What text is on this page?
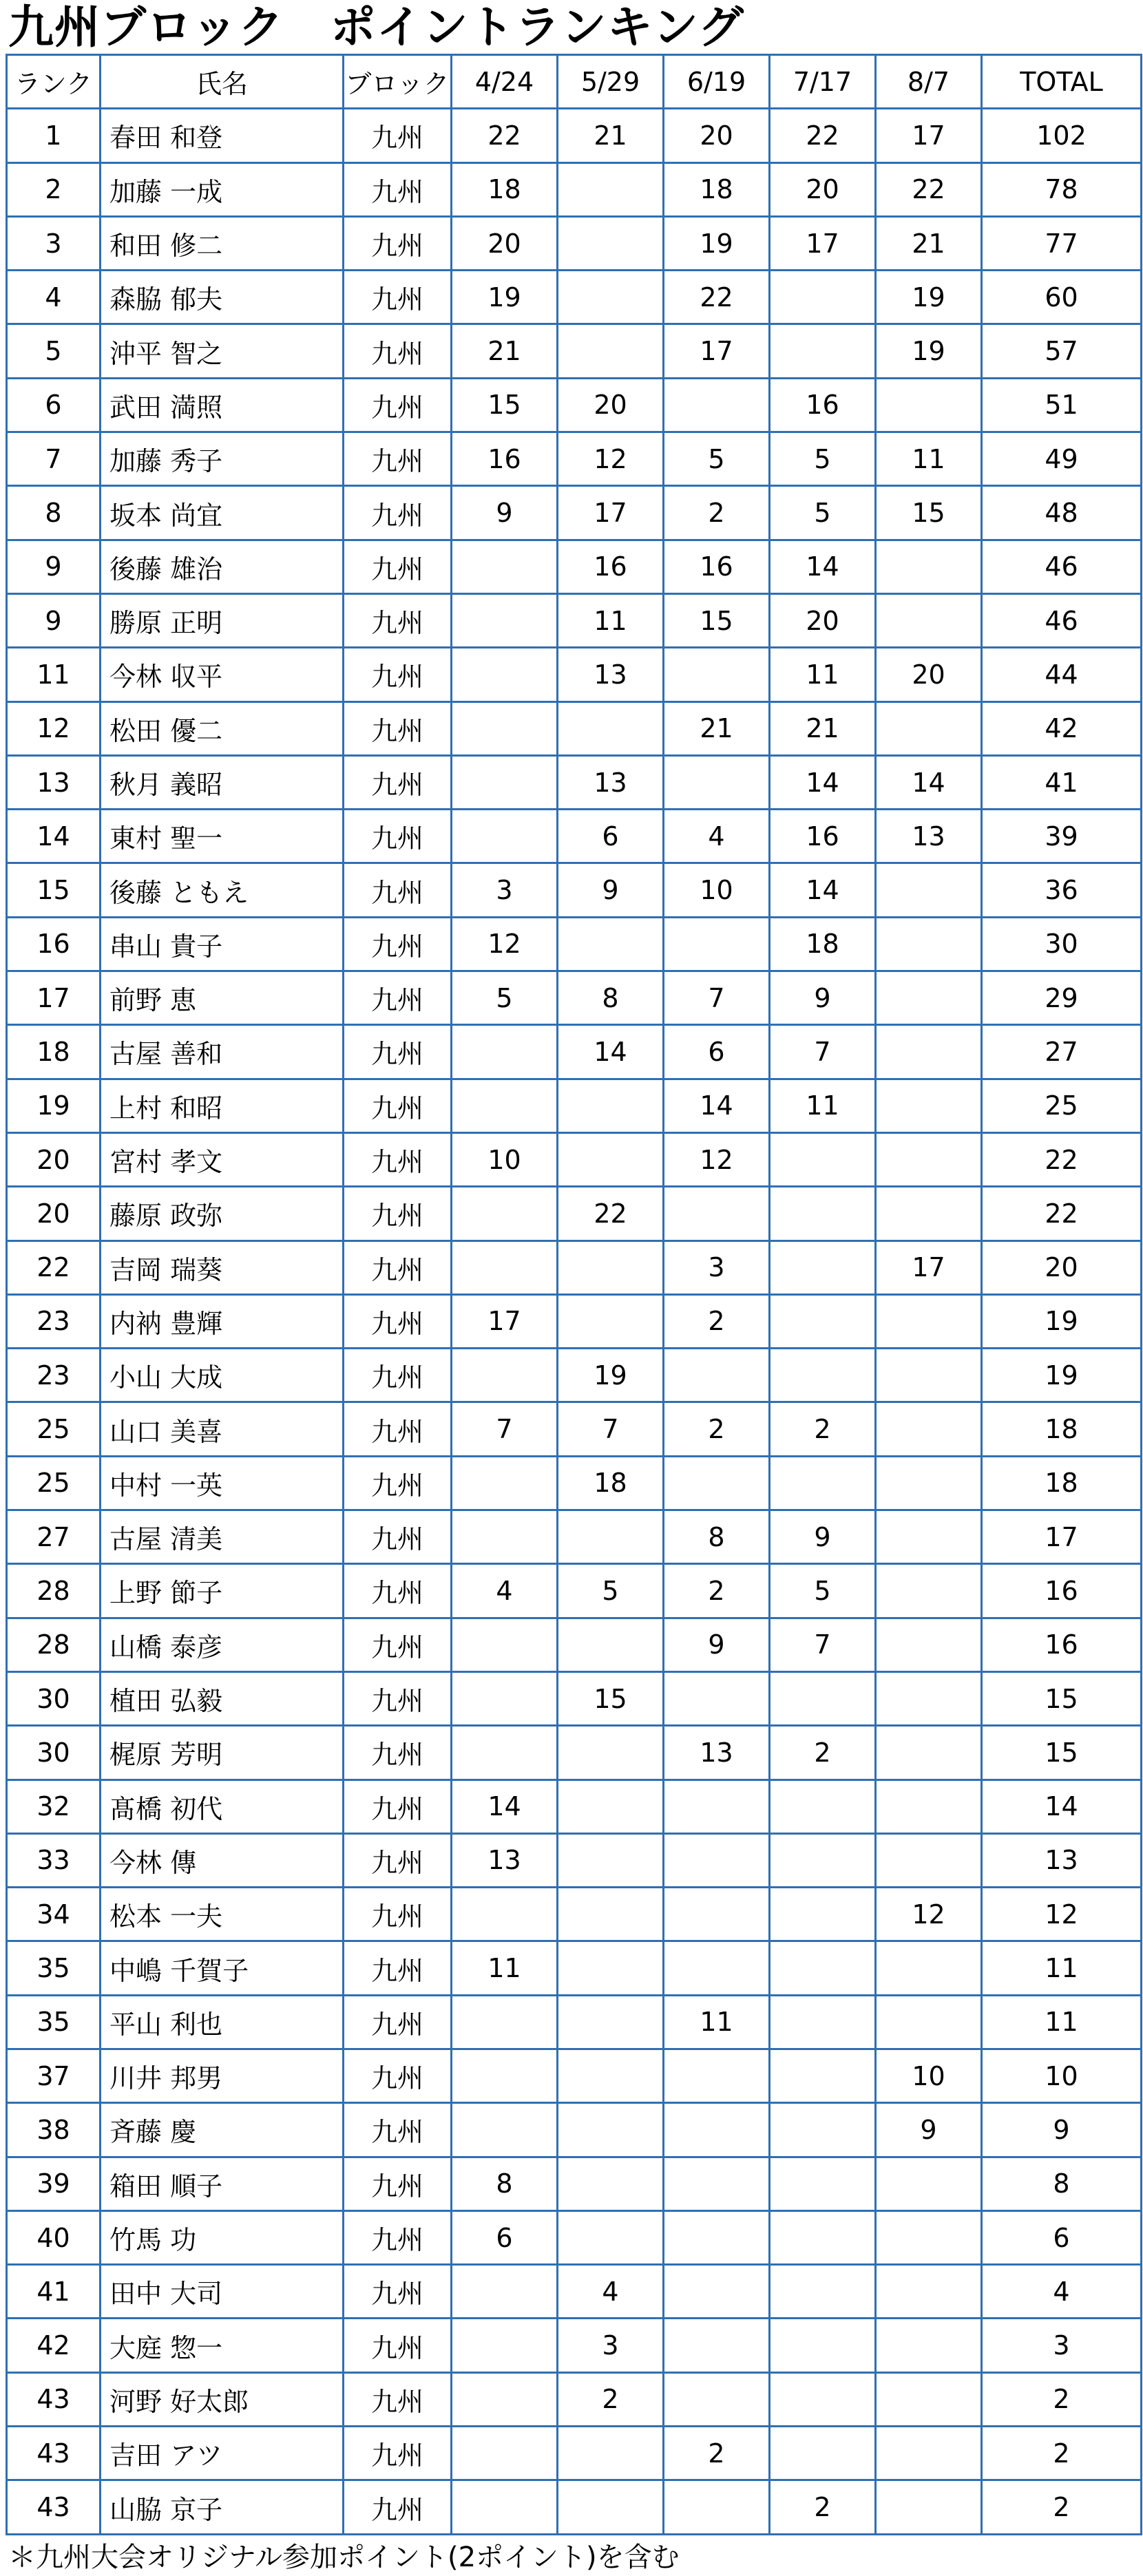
九州ブロック　ポイントランキング
ランク	氏名	ブロック	4/24	5/29	6/19	7/17	8/7	TOTAL
1	春田 和登	九州	22	21	20	22	17	102
2	加藤 一成	九州	18		18	20	22	78
3	和田 修二	九州	20		19	17	21	77
4	森脇 郁夫	九州	19		22		19	60
5	沖平 智之	九州	21		17		19	57
6	武田 満照	九州	15	20		16		51
7	加藤 秀子	九州	16	12	5	5	11	49
8	坂本 尚宜	九州	9	17	2	5	15	48
9	後藤 雄治	九州		16	16	14		46
9	勝原 正明	九州		11	15	20		46
11	今林 収平	九州		13		11	20	44
12	松田 優二	九州			21	21		42
13	秋月 義昭	九州		13		14	14	41
14	東村 聖一	九州		6	4	16	13	39
15	後藤 ともえ	九州	3	9	10	14		36
16	串山 貴子	九州	12			18		30
17	前野 恵	九州	5	8	7	9		29
18	古屋 善和	九州		14	6	7		27
19	上村 和昭	九州			14	11		25
20	宮村 孝文	九州	10		12			22
20	藤原 政弥	九州		22				22
22	吉岡 瑞葵	九州			3		17	20
23	内衲 豊輝	九州	17		2			19
23	小山 大成	九州		19				19
25	山口 美喜	九州	7	7	2	2		18
25	中村 一英	九州		18				18
27	古屋 清美	九州			8	9		17
28	上野 節子	九州	4	5	2	5		16
28	山橋 泰彦	九州			9	7		16
30	植田 弘毅	九州		15				15
30	梶原 芳明	九州			13	2		15
32	髙橋 初代	九州	14					14
33	今林 傳	九州	13					13
34	松本 一夫	九州					12	12
35	中嶋 千賀子	九州	11					11
35	平山 利也	九州			11			11
37	川井 邦男	九州					10	10
38	斉藤 慶	九州					9	9
39	箱田 順子	九州	8					8
40	竹馬 功	九州	6					6
41	田中 大司	九州		4				4
42	大庭 惣一	九州		3				3
43	河野 好太郎	九州		2				2
43	吉田 アツ	九州			2			2
43	山脇 京子	九州				2		2
＊九州大会オリジナル参加ポイント(2ポイント)を含む
